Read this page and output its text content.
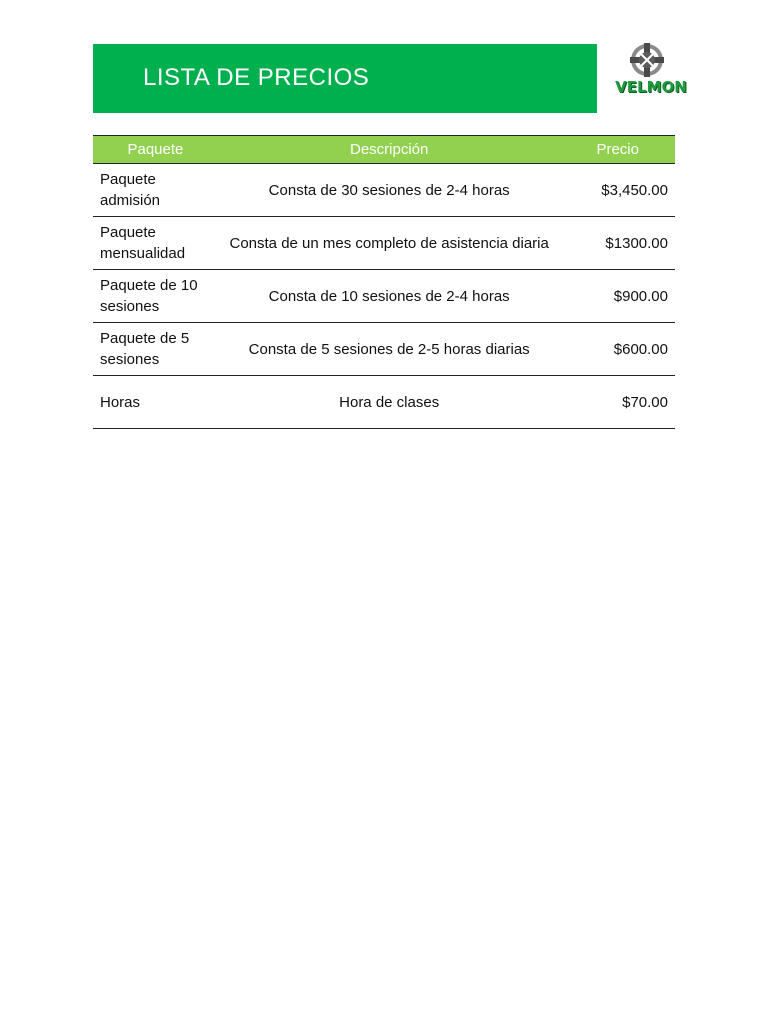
LISTA DE PRECIOS	VELMON
Paquete	Descripción	Precio
Paquete admisión	Consta de 30 sesiones de 2-4 horas	$3,450.00
Paquete mensualidad	Consta de un mes completo de asistencia diaria	$1300.00
Paquete de 10 sesiones	Consta de 10 sesiones de 2-4 horas	$900.00
Paquete de 5 sesiones	Consta de 5 sesiones de 2-5 horas diarias	$600.00
Horas	Hora de clases	$70.00
